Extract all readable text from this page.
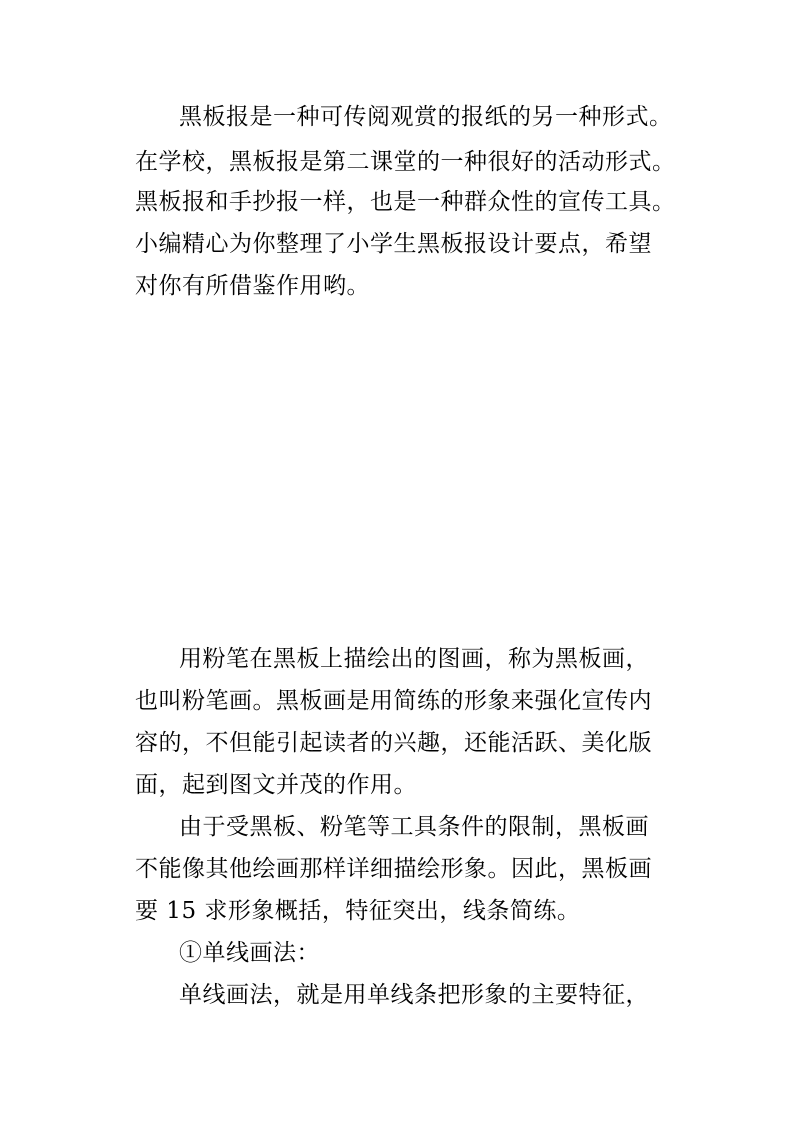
黑板报是一种可传阅观赏的报纸的另一种形式。
在学校，黑板报是第二课堂的一种很好的活动形式。
黑板报和手抄报一样，也是一种群众性的宣传工具。
小编精心为你整理了小学生黑板报设计要点，希望
对你有所借鉴作用哟。
用粉笔在黑板上描绘出的图画，称为黑板画，
也叫粉笔画。黑板画是用简练的形象来强化宣传内
容的，不但能引起读者的兴趣，还能活跃、美化版
面，起到图文并茂的作用。
由于受黑板、粉笔等工具条件的限制，黑板画
不能像其他绘画那样详细描绘形象。因此，黑板画
要 15 求形象概括，特征突出，线条简练。
①单线画法：
单线画法，就是用单线条把形象的主要特征，
